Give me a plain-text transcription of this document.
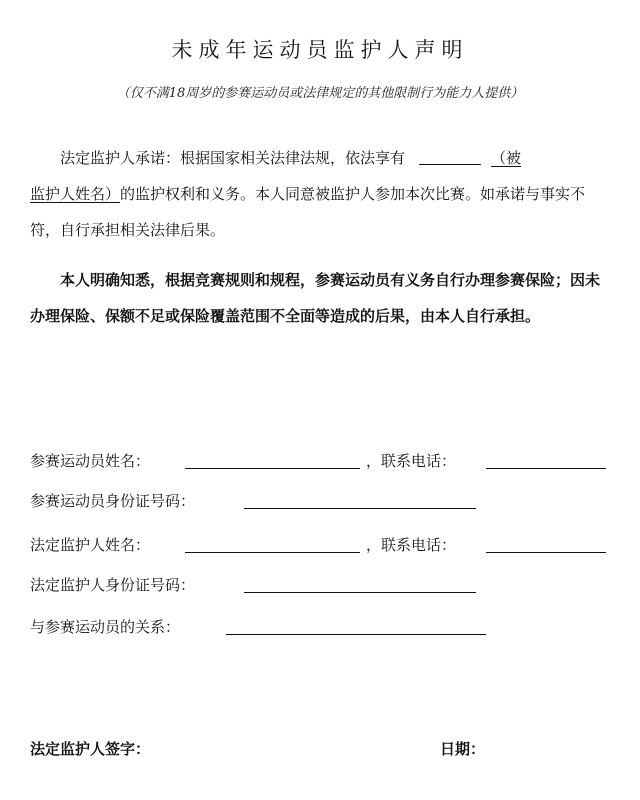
未成年运动员监护人声明
（仅不满18周岁的参赛运动员或法律规定的其他限制行为能力人提供）
法定监护人承诺：根据国家相关法律法规，依法享有	（被监护人姓名）的监护权利和义务。本人同意被监护人参加本次比赛。如承诺与事实不符，自行承担相关法律后果。
本人明确知悉，根据竞赛规则和规程，参赛运动员有义务自行办理参赛保险；因未办理保险、保额不足或保险覆盖范围不全面等造成的后果，由本人自行承担。
参赛运动员姓名：	，联系电话：
参赛运动员身份证号码：
法定监护人姓名：	，联系电话：
法定监护人身份证号码：
与参赛运动员的关系：
法定监护人签字：	日期：
